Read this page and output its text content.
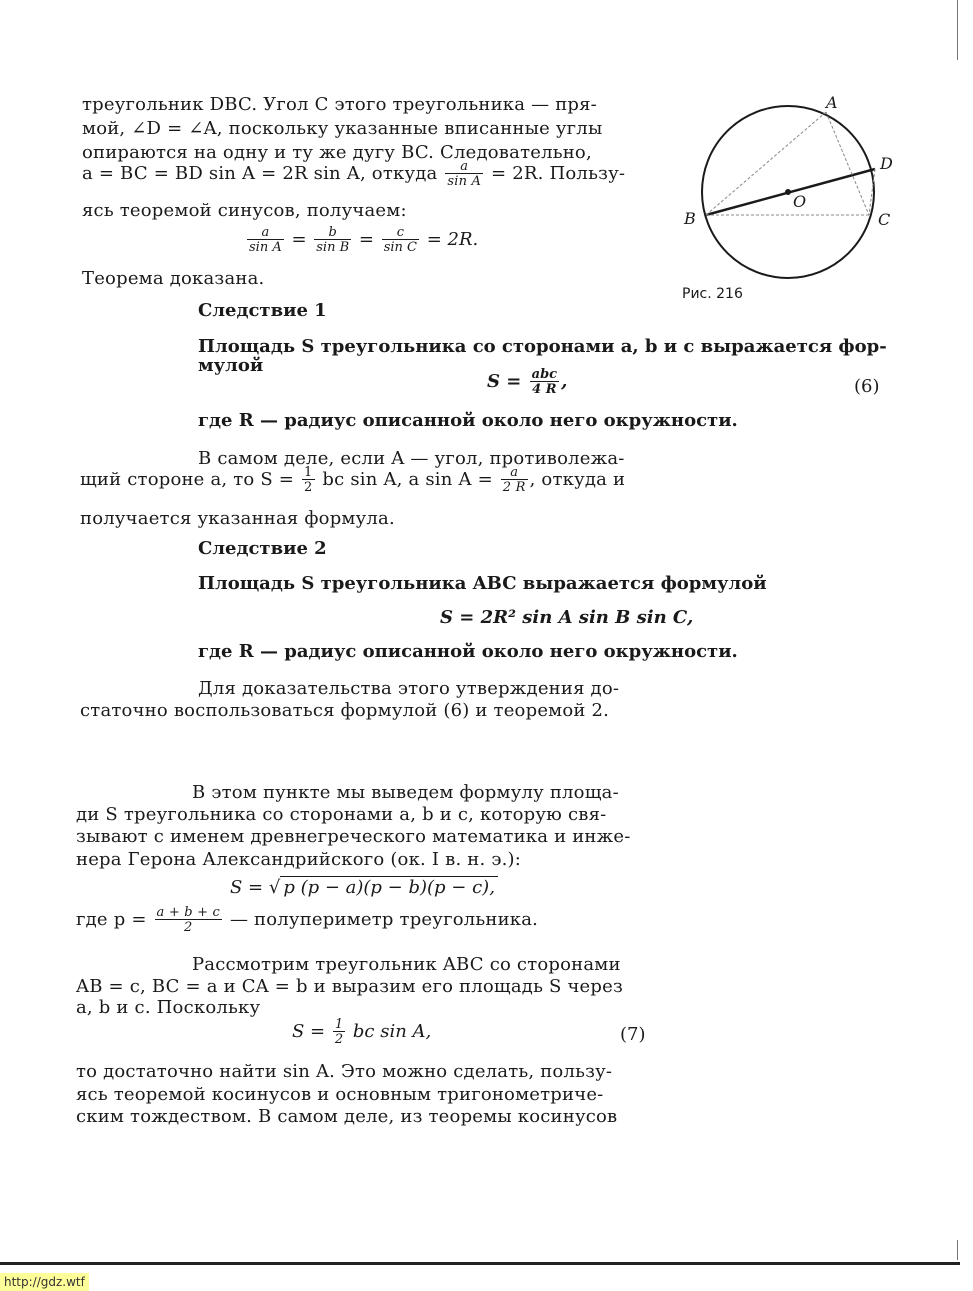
треугольник DBC. Угол C этого треугольника — пря-
мой, ∠D = ∠A, поскольку указанные вписанные углы
опираются на одну и ту же дугу BC. Следовательно,
a = BC = BD sin A = 2R sin A, откуда $\frac{a}{\text{sin A}} = 2R$. Пользу-
ясь теоремой синусов, получаем:
$\frac{a}{\text{sin A}} = \frac{b}{\text{sin B}} = \frac{c}{\text{sin C}} = 2R$.
Теорема доказана.
A
D
O
B	C
Рис. 216
Следствие 1
Площадь S треугольника со сторонами a, b и c выражается фор-
мулой
$S = \frac{\text{abc}}{4 R}$ ,	(6)
где R — радиус описанной около него окружности.
В самом деле, если A — угол, противолежа-
щий стороне a, то $S = \frac{1}{2}$ bc sin A, а $\sin A = \frac{a}{2 R}$ , откуда и
получается указанная формула.
Следствие 2
Площадь S треугольника ABC выражается формулой
S = 2R² sin A sin B sin C,
где R — радиус описанной около него окружности.
Для доказательства этого утверждения до-
статочно воспользоваться формулой (6) и теоремой 2.
В этом пункте мы выведем формулу площа-
ди S треугольника со сторонами a, b и c, которую свя-
зывают с именем древнегреческого математика и инже-
нера Герона Александрийского (ок. I в. н. э.):
S = √ p (p − a)(p − b)(p − c),
где $p = \frac{a + b + c}{2}$ — полупериметр треугольника.
Рассмотрим треугольник ABC со сторонами
AB = c, BC = a и CA = b и выразим его площадь S через
a, b и c. Поскольку
$S = \frac{1}{2}$ bc sin A,	(7)
то достаточно найти sin A. Это можно сделать, пользу-
ясь теоремой косинусов и основным тригонометриче-
ским тождеством. В самом деле, из теоремы косинусов
http://gdz.wtf
